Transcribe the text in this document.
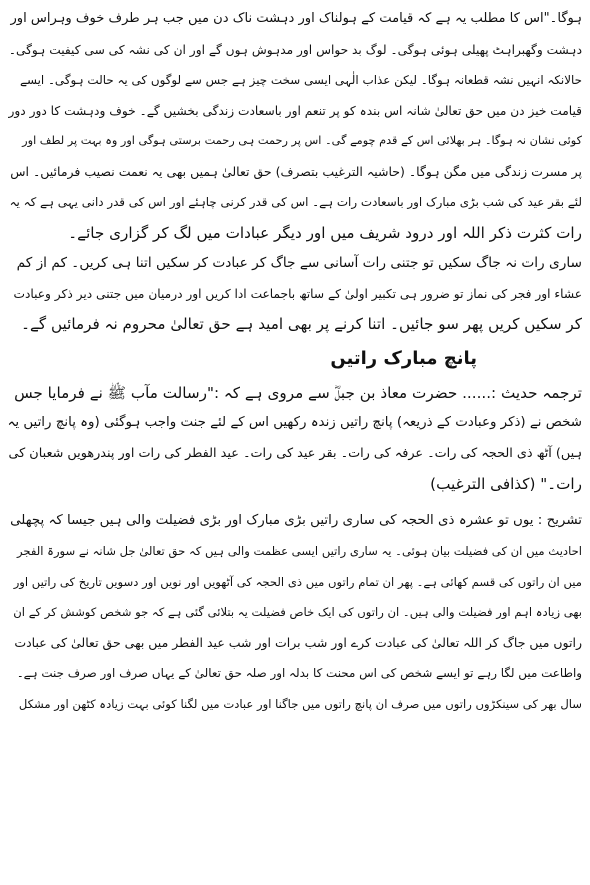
ہوگا۔"اس کا مطلب یہ ہے کہ قیامت کے ہولناک اور دہشت ناک دن میں جب ہر طرف خوف وہراس اور
دہشت وگھبراہٹ پھیلی ہوئی ہوگی۔ لوگ بد حواس اور مدہوش ہوں گے اور ان کی نشہ کی سی کیفیت ہوگی۔
حالانکہ انہیں نشہ قطعانہ ہوگا۔ لیکن عذاب الٰہی ایسی سخت چیز ہے جس سے لوگوں کی یہ حالت ہوگی۔ ایسے
قیامت خیز دن میں حق تعالیٰ شانہ اس بندہ کو پر تنعم اور باسعادت زندگی بخشیں گے۔ خوف ودہشت کا دور دور
کوئی نشان نہ ہوگا۔ ہر بھلائی اس کے قدم چومے گی۔ اس پر رحمت ہی رحمت برستی ہوگی اور وہ بہت پر لطف اور
پر مسرت زندگی میں مگن ہوگا۔ (حاشیہ الترغیب بتصرف) حق تعالیٰ ہمیں بھی یہ نعمت نصیب فرمائیں۔ اس
لئے بقر عید کی شب بڑی مبارک اور باسعادت رات ہے۔ اس کی قدر کرنی چاہئے اور اس کی قدر دانی یہی ہے کہ یہ
رات کثرت ذکر اللہ اور درود شریف میں اور دیگر عبادات میں لگ کر گزاری جائے۔
ساری رات نہ جاگ سکیں تو جتنی رات آسانی سے جاگ کر عبادت کر سکیں اتنا ہی کریں۔ کم از کم
عشاء اور فجر کی نماز تو ضرور ہی تکبیر اولیٰ کے ساتھ باجماعت ادا کریں اور درمیان میں جتنی دیر ذکر وعبادت
کر سکیں کریں پھر سو جائیں۔ اتنا کرنے پر بھی امید ہے حق تعالیٰ محروم نہ فرمائیں گے۔
پانچ مبارک راتیں
ترجمہ حدیث :...... حضرت معاذ بن جبلؓ سے مروی ہے کہ :"رسالت مآب ﷺ نے فرمایا جس
شخص نے (ذکر وعبادت کے ذریعہ) پانچ راتیں زندہ رکھیں اس کے لئے جنت واجب ہوگئی (وہ پانچ راتیں یہ
ہیں) آٹھ ذی الحجہ کی رات۔ عرفہ کی رات۔ بقر عید کی رات۔ عید الفطر کی رات اور پندرھویں شعبان کی
رات۔" (کذافی الترغیب)
تشریح : یوں تو عشرہ ذی الحجہ کی ساری راتیں بڑی مبارک اور بڑی فضیلت والی ہیں جیسا کہ پچھلی
احادیث میں ان کی فضیلت بیان ہوئی۔ یہ ساری راتیں ایسی عظمت والی ہیں کہ حق تعالیٰ جل شانہ نے سورۃ الفجر
میں ان راتوں کی قسم کھائی ہے۔ پھر ان تمام راتوں میں ذی الحجہ کی آٹھویں اور نویں اور دسویں تاریخ کی راتیں اور
بھی زیادہ اہم اور فضیلت والی ہیں۔ ان راتوں کی ایک خاص فضیلت یہ بتلائی گئی ہے کہ جو شخص کوشش کر کے ان
راتوں میں جاگ کر اللہ تعالیٰ کی عبادت کرے اور شب برات اور شب عید الفطر میں بھی حق تعالیٰ کی عبادت
واطاعت میں لگا رہے تو ایسے شخص کی اس محنت کا بدلہ اور صلہ حق تعالیٰ کے یہاں صرف اور صرف جنت ہے۔
سال بھر کی سینکڑوں راتوں میں صرف ان پانچ راتوں میں جاگنا اور عبادت میں لگنا کوئی بہت زیادہ کٹھن اور مشکل
